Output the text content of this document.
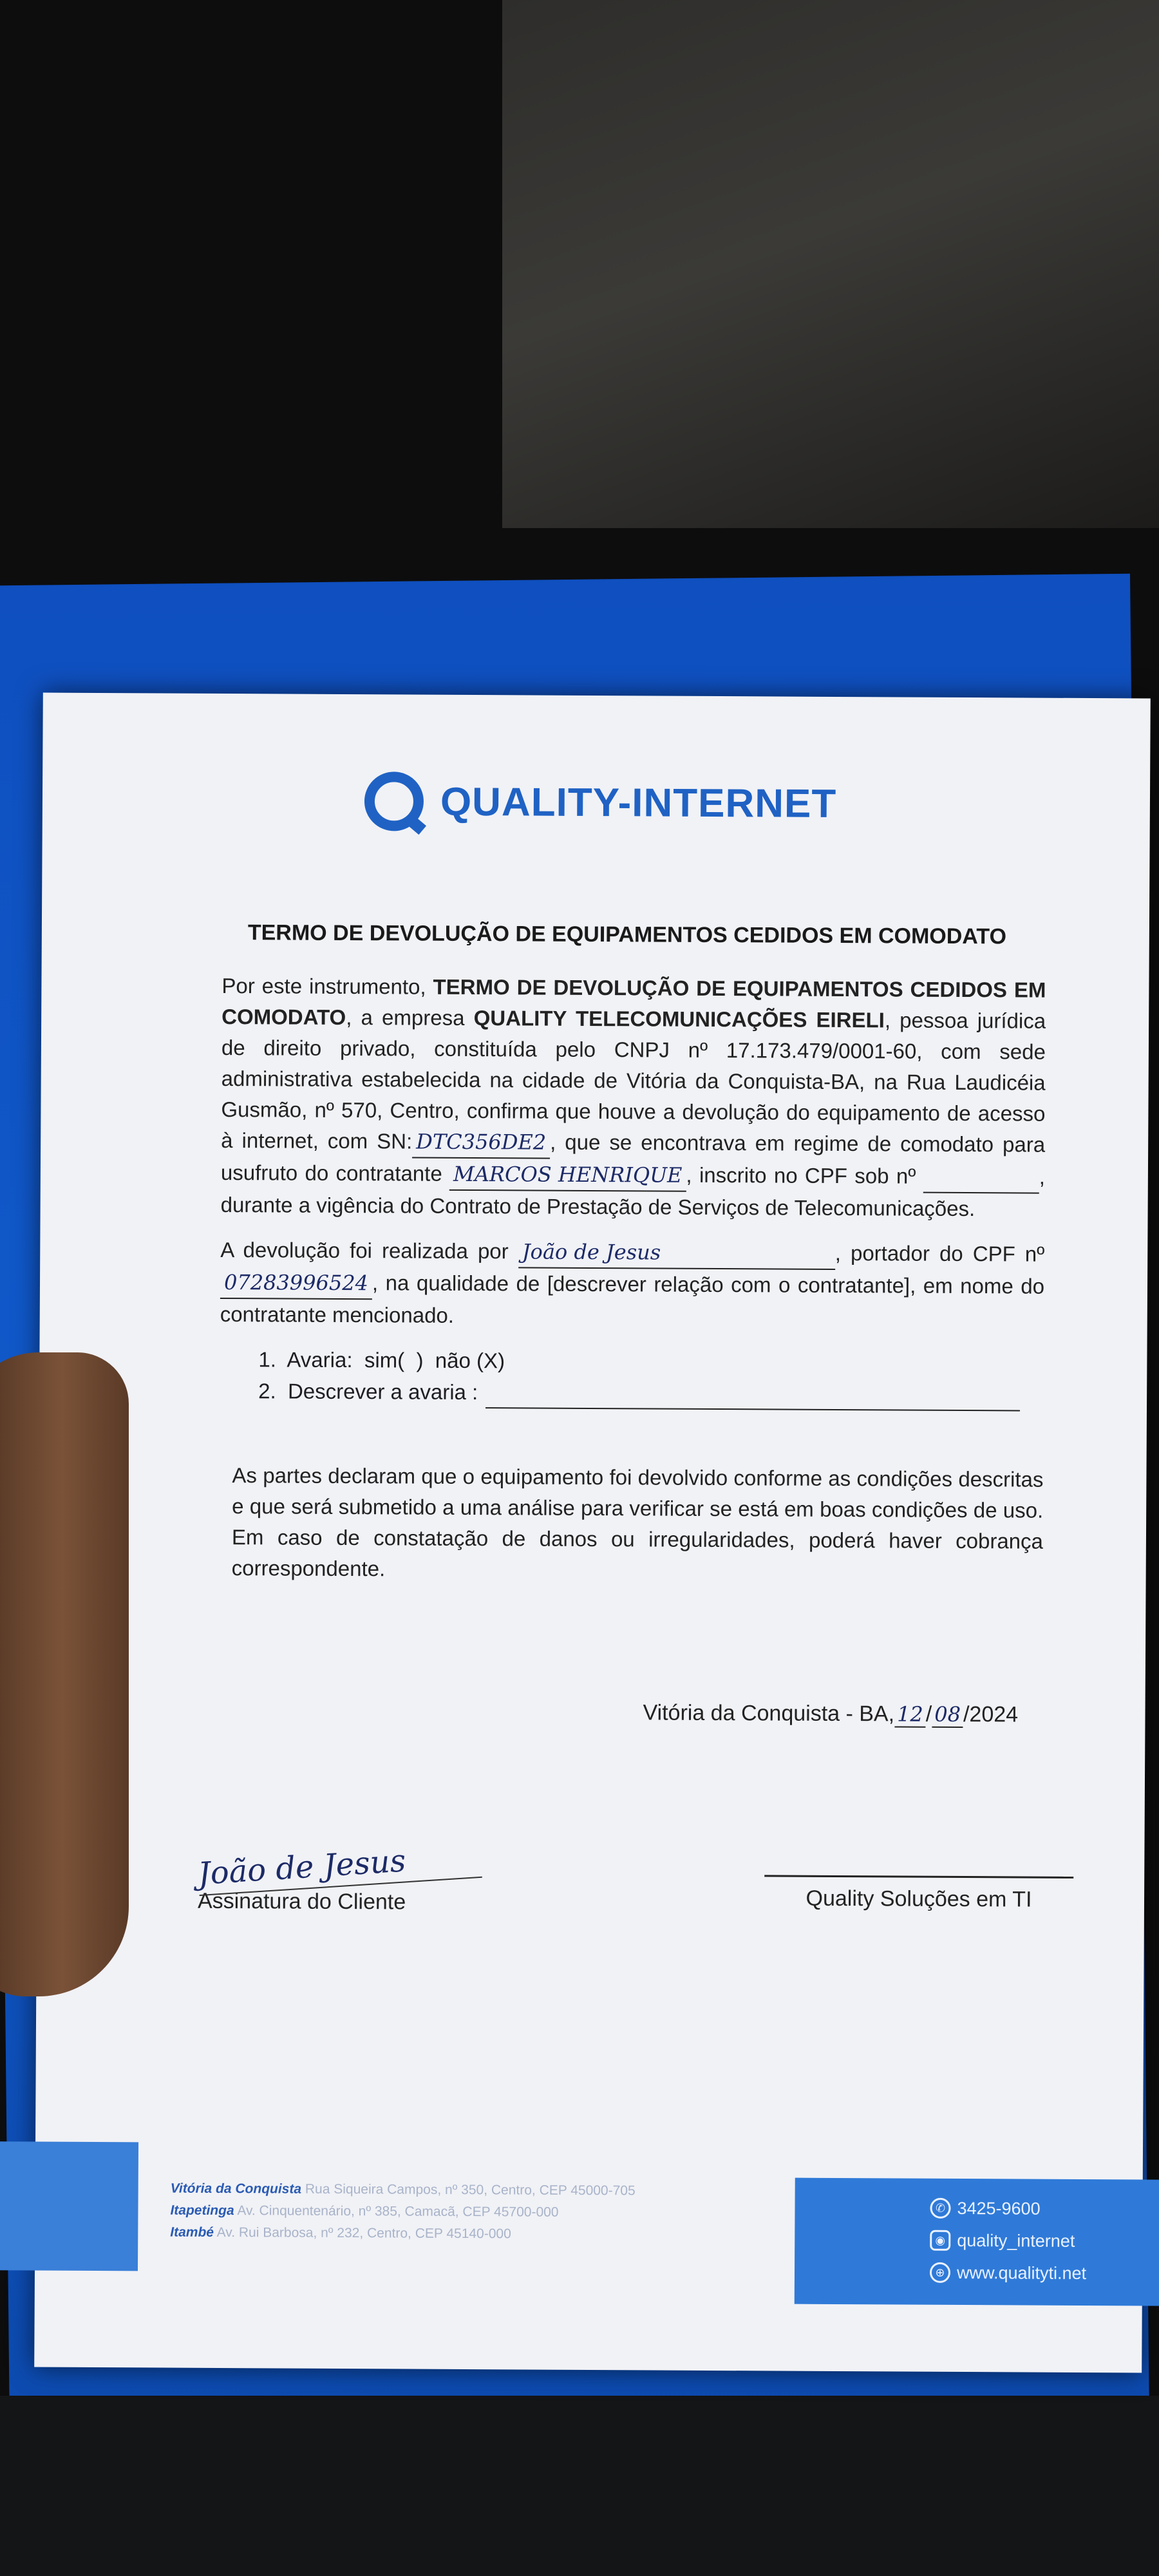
QUALITY-INTERNET
TERMO DE DEVOLUÇÃO DE EQUIPAMENTOS CEDIDOS EM COMODATO
Por este instrumento, TERMO DE DEVOLUÇÃO DE EQUIPAMENTOS CEDIDOS EM COMODATO, a empresa QUALITY TELECOMUNICAÇÕES EIRELI, pessoa jurídica de direito privado, constituída pelo CNPJ nº 17.173.479/0001-60, com sede administrativa estabelecida na cidade de Vitória da Conquista-BA, na Rua Laudicéia Gusmão, nº 570, Centro, confirma que houve a devolução do equipamento de acesso à internet, com SN: DTC356DE2 , que se encontrava em regime de comodato para usufruto do contratante MARCOS HENRIQUE , inscrito no CPF sob nº	, durante a vigência do Contrato de Prestação de Serviços de Telecomunicações.
A devolução foi realizada por João de Jesus	, portador do CPF nº07283996524 , na qualidade de [descrever relação com o contratante], em nome do contratante mencionado.
1.  Avaria:  sim(  )  não (X)
2.  Descrever a avaria :

As partes declaram que o equipamento foi devolvido conforme as condições descritas e que será submetido a uma análise para verificar se está em boas condições de uso. Em caso de constatação de danos ou irregularidades, poderá haver cobrança correspondente.
Vitória da Conquista - BA, 12 / 08 /2024
João de Jesus
Assinatura do Cliente	Quality Soluções em TI
Vitória da Conquista Rua Siqueira Campos, nº 350, Centro, CEP 45000-705
Itapetinga Av. Cinquentenário, nº 385, Camacã, CEP 45700-000
Itambé Av. Rui Barbosa, nº 232, Centro, CEP 45140-000
✆ 3425-9600
◉ quality_internet
⊕ www.qualityti.net
